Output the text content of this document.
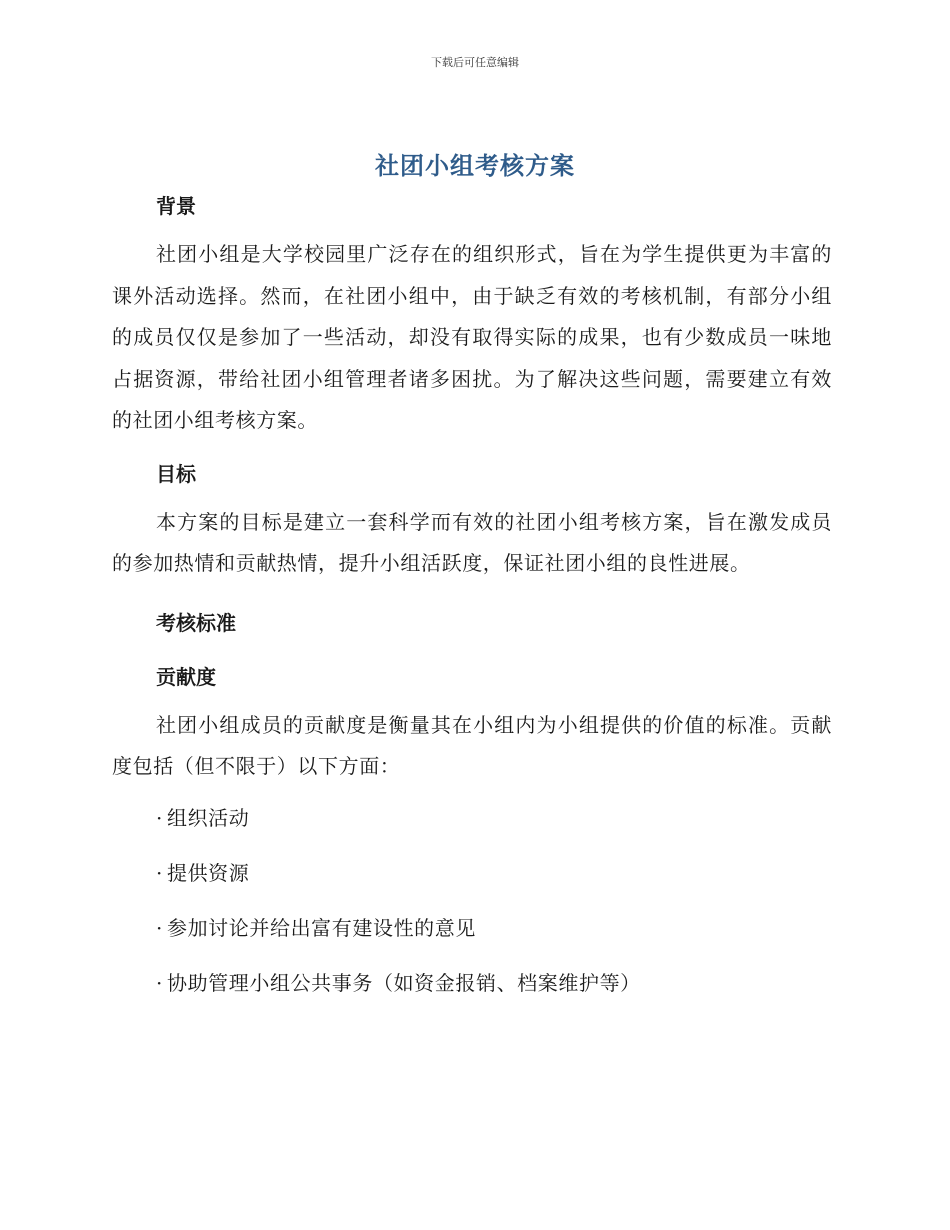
下载后可任意编辑
社团小组考核方案

背景

社团小组是大学校园里广泛存在的组织形式，旨在为学生提供更为丰富的课外活动选择。然而，在社团小组中，由于缺乏有效的考核机制，有部分小组的成员仅仅是参加了一些活动，却没有取得实际的成果，也有少数成员一味地占据资源，带给社团小组管理者诸多困扰。为了解决这些问题，需要建立有效的社团小组考核方案。

目标

本方案的目标是建立一套科学而有效的社团小组考核方案，旨在激发成员的参加热情和贡献热情，提升小组活跃度，保证社团小组的良性进展。

考核标准

贡献度

社团小组成员的贡献度是衡量其在小组内为小组提供的价值的标准。贡献度包括（但不限于）以下方面：

· 组织活动

· 提供资源

· 参加讨论并给出富有建设性的意见

· 协助管理小组公共事务（如资金报销、档案维护等）
